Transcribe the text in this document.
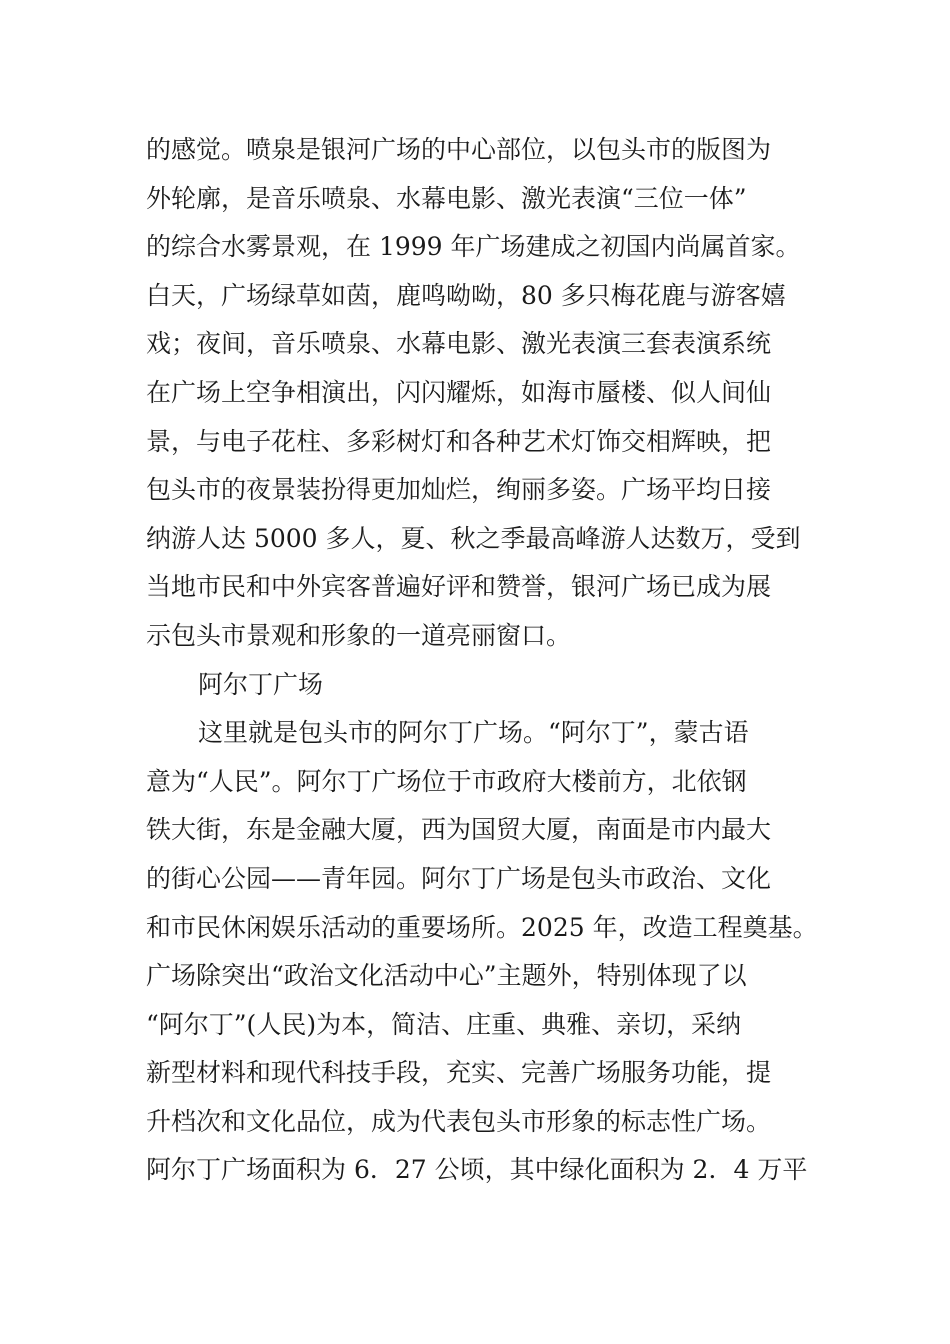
的感觉。喷泉是银河广场的中心部位，以包头市的版图为
外轮廓，是音乐喷泉、水幕电影、激光表演“三位一体”
的综合水雾景观，在 1999 年广场建成之初国内尚属首家。
白天，广场绿草如茵，鹿鸣呦呦，80 多只梅花鹿与游客嬉
戏；夜间，音乐喷泉、水幕电影、激光表演三套表演系统
在广场上空争相演出，闪闪耀烁，如海市蜃楼、似人间仙
景，与电子花柱、多彩树灯和各种艺术灯饰交相辉映，把
包头市的夜景装扮得更加灿烂，绚丽多姿。广场平均日接
纳游人达 5000 多人，夏、秋之季最高峰游人达数万，受到
当地市民和中外宾客普遍好评和赞誉，银河广场已成为展
示包头市景观和形象的一道亮丽窗口。
阿尔丁广场
这里就是包头市的阿尔丁广场。“阿尔丁”，蒙古语
意为“人民”。阿尔丁广场位于市政府大楼前方，北依钢
铁大街，东是金融大厦，西为国贸大厦，南面是市内最大
的街心公园——青年园。阿尔丁广场是包头市政治、文化
和市民休闲娱乐活动的重要场所。2025 年，改造工程奠基。
广场除突出“政治文化活动中心”主题外，特别体现了以
“阿尔丁”(人民)为本，简洁、庄重、典雅、亲切，采纳
新型材料和现代科技手段，充实、完善广场服务功能，提
升档次和文化品位，成为代表包头市形象的标志性广场。
阿尔丁广场面积为 6．27 公顷，其中绿化面积为 2．4 万平
